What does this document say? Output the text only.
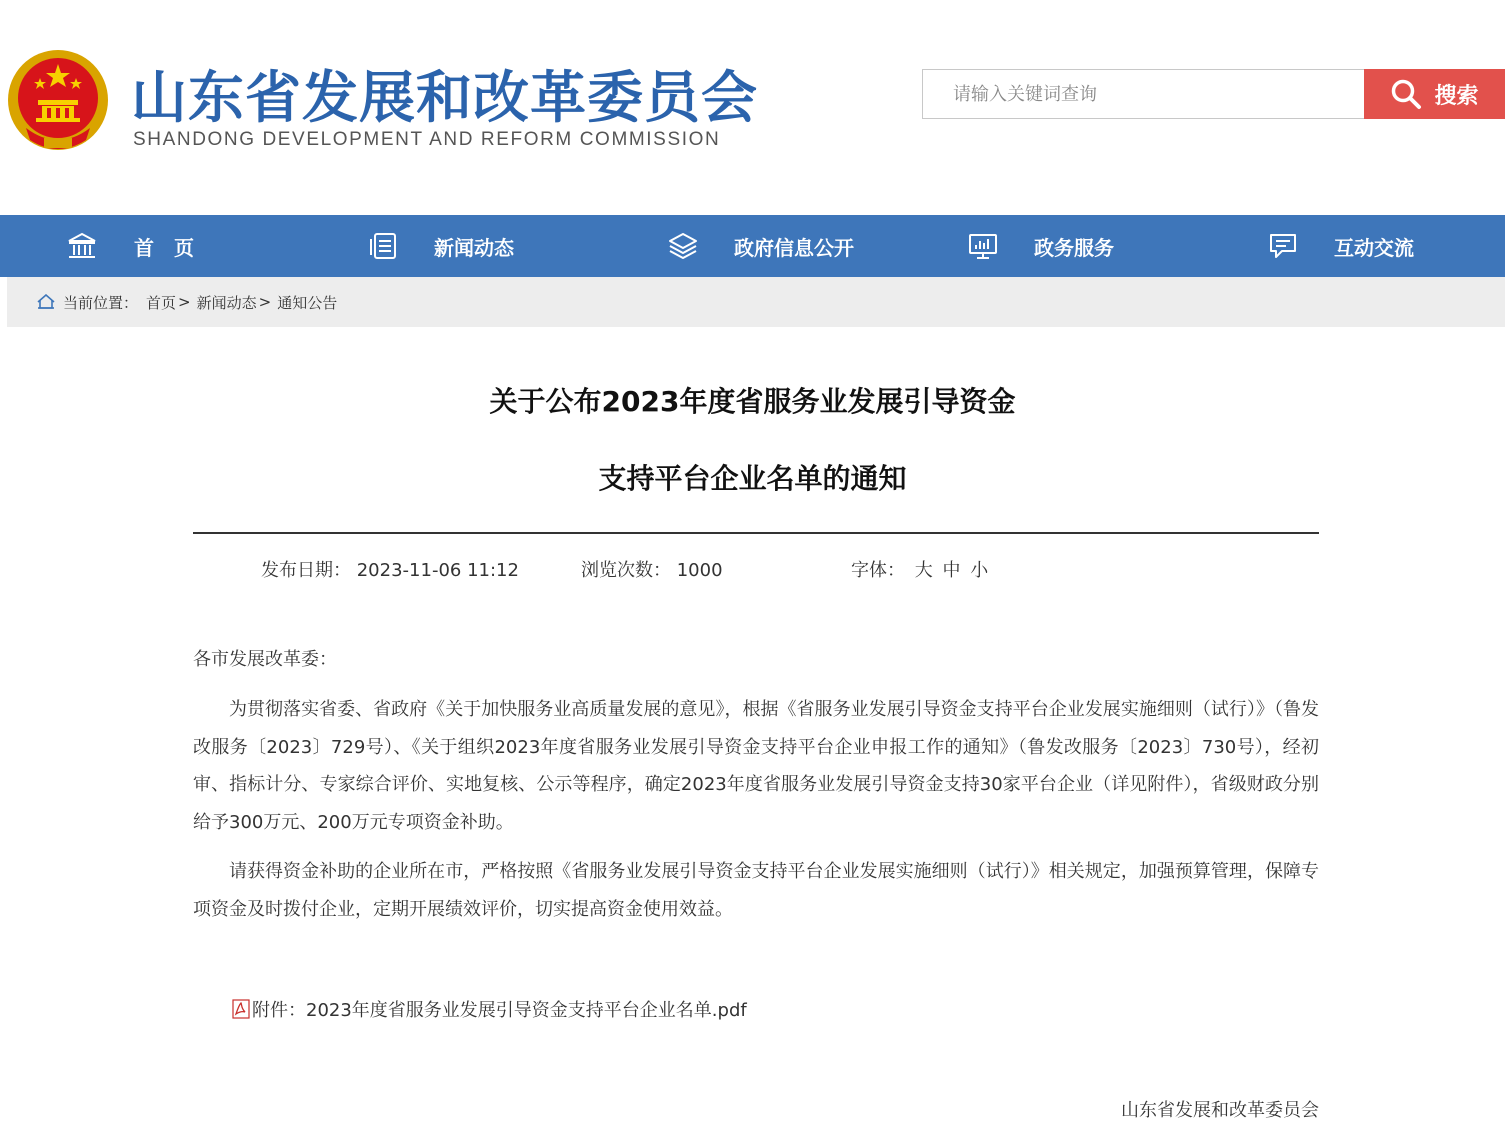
山东省发展和改革委员会
SHANDONG DEVELOPMENT AND REFORM COMMISSION
请输入关键词查询
搜索
首　页	新闻动态	政府信息公开	政务服务	互动交流
当前位置： 首页 > 新闻动态 > 通知公告
关于公布2023年度省服务业发展引导资金
支持平台企业名单的通知
发布日期： 2023-11-06 11:12	浏览次数： 1000	字体： 大 中 小
各市发展改革委：
为贯彻落实省委、省政府《关于加快服务业高质量发展的意见》，根据《省服务业发展引导资金支持平台企业发展实施细则（试行）》（鲁发改服务〔2023〕729号）、《关于组织2023年度省服务业发展引导资金支持平台企业申报工作的通知》（鲁发改服务〔2023〕730号），经初审、指标计分、专家综合评价、实地复核、公示等程序，确定2023年度省服务业发展引导资金支持30家平台企业（详见附件），省级财政分别给予300万元、200万元专项资金补助。
请获得资金补助的企业所在市，严格按照《省服务业发展引导资金支持平台企业发展实施细则（试行）》相关规定，加强预算管理，保障专项资金及时拨付企业，定期开展绩效评价，切实提高资金使用效益。
附件：2023年度省服务业发展引导资金支持平台企业名单.pdf
山东省发展和改革委员会
